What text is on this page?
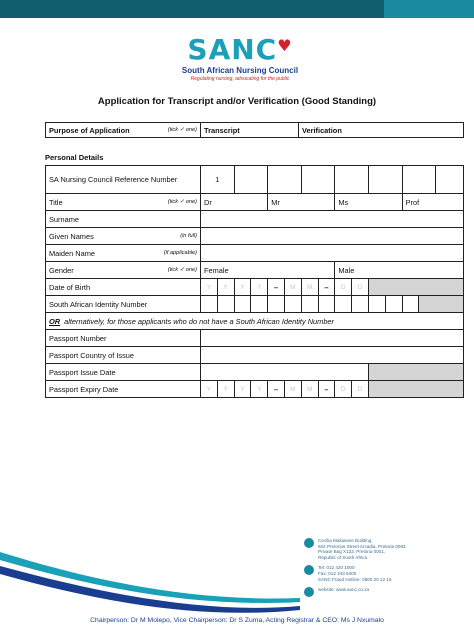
SANC♥
South African Nursing Council
Regulating nursing, advocating for the public
Application for Transcript and/or Verification (Good Standing)
Purpose of Application	(tick ✓ one)	Transcript	Verification
Personal Details
SA Nursing Council Reference Number	1														
Title (tick ✓ one)	Dr				Mr				Ms				Prof		
Surname															
Given Names (in full)															

Maiden Name (if applicable)															

Gender (tick ✓ one)	Female								Male						
Date of Birth	Y	Y	Y	Y	–	M	M	–	D	D					
South African Identity Number															
OR alternatively, for those applicants who do not have a South African Identity Number															
Passport Number															
Passport Country of Issue															
Passport Issue Date															
Passport Expiry Date	Y	Y	Y	Y	–	M	M	–	D	D					
Cecilia Makiwane Building,
602 Pretorius Street Arcadia, Pretoria 0083
Private Bag X132, Pretoria 0001,
Republic of South Africa
Tel: 012 420 1000
Fax: 012 343 5400
SANC Fraud Hotline: 0800 20 12 16
website: www.sanc.co.za
Chairperson: Dr M Molepo, Vice Chairperson: Dr S Zuma, Acting Registrar & CEO: Ms J Nxumalo
